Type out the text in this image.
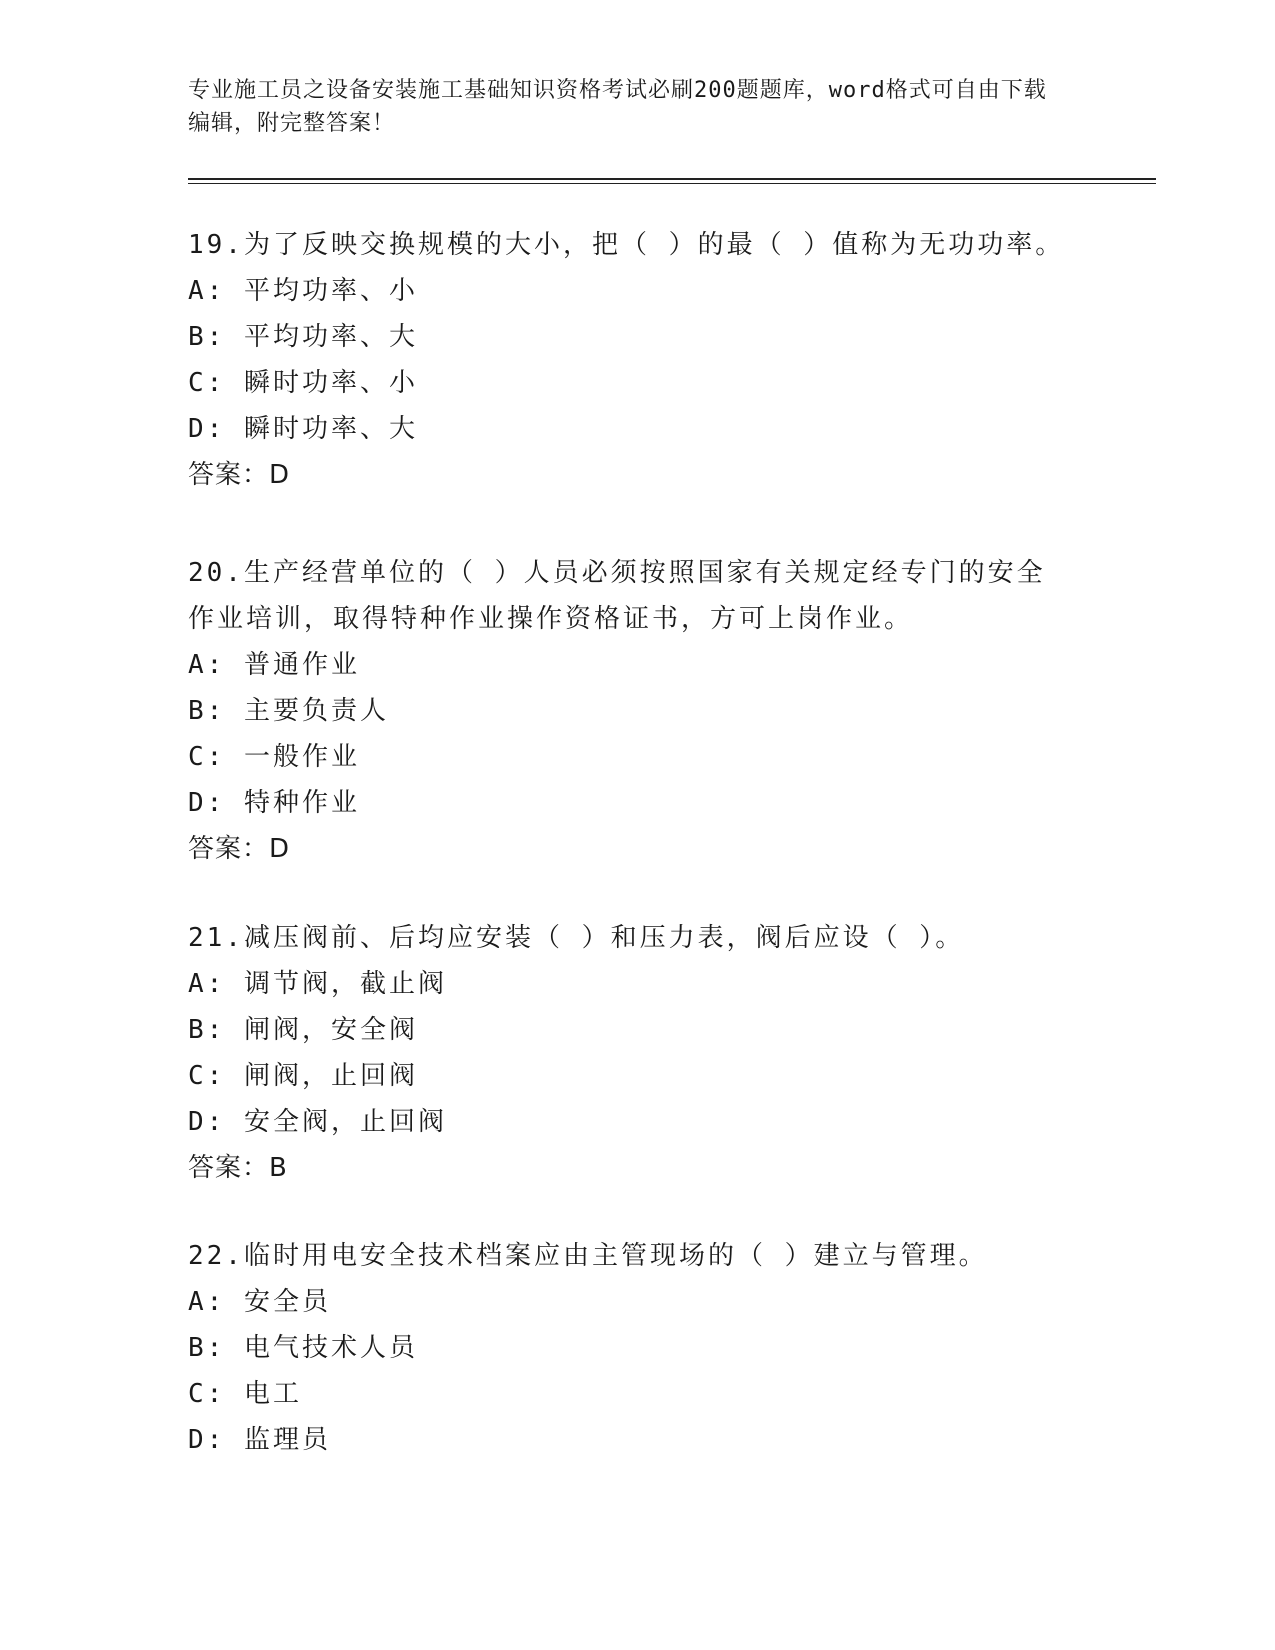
专业施工员之设备安装施工基础知识资格考试必刷200题题库，word格式可自由下载编辑，附完整答案！

19.为了反映交换规模的大小，把（ ）的最（ ）值称为无功功率。

A: 平均功率、小

B: 平均功率、大

C: 瞬时功率、小

D: 瞬时功率、大

答案：D

20.生产经营单位的（ ）人员必须按照国家有关规定经专门的安全作业培训，取得特种作业操作资格证书，方可上岗作业。

A: 普通作业

B: 主要负责人

C: 一般作业

D: 特种作业

答案：D

21.减压阀前、后均应安装（ ）和压力表，阀后应设（ ）。

A: 调节阀，截止阀

B: 闸阀，安全阀

C: 闸阀，止回阀

D: 安全阀，止回阀

答案：B

22.临时用电安全技术档案应由主管现场的（ ）建立与管理。

A: 安全员

B: 电气技术人员

C: 电工

D: 监理员
